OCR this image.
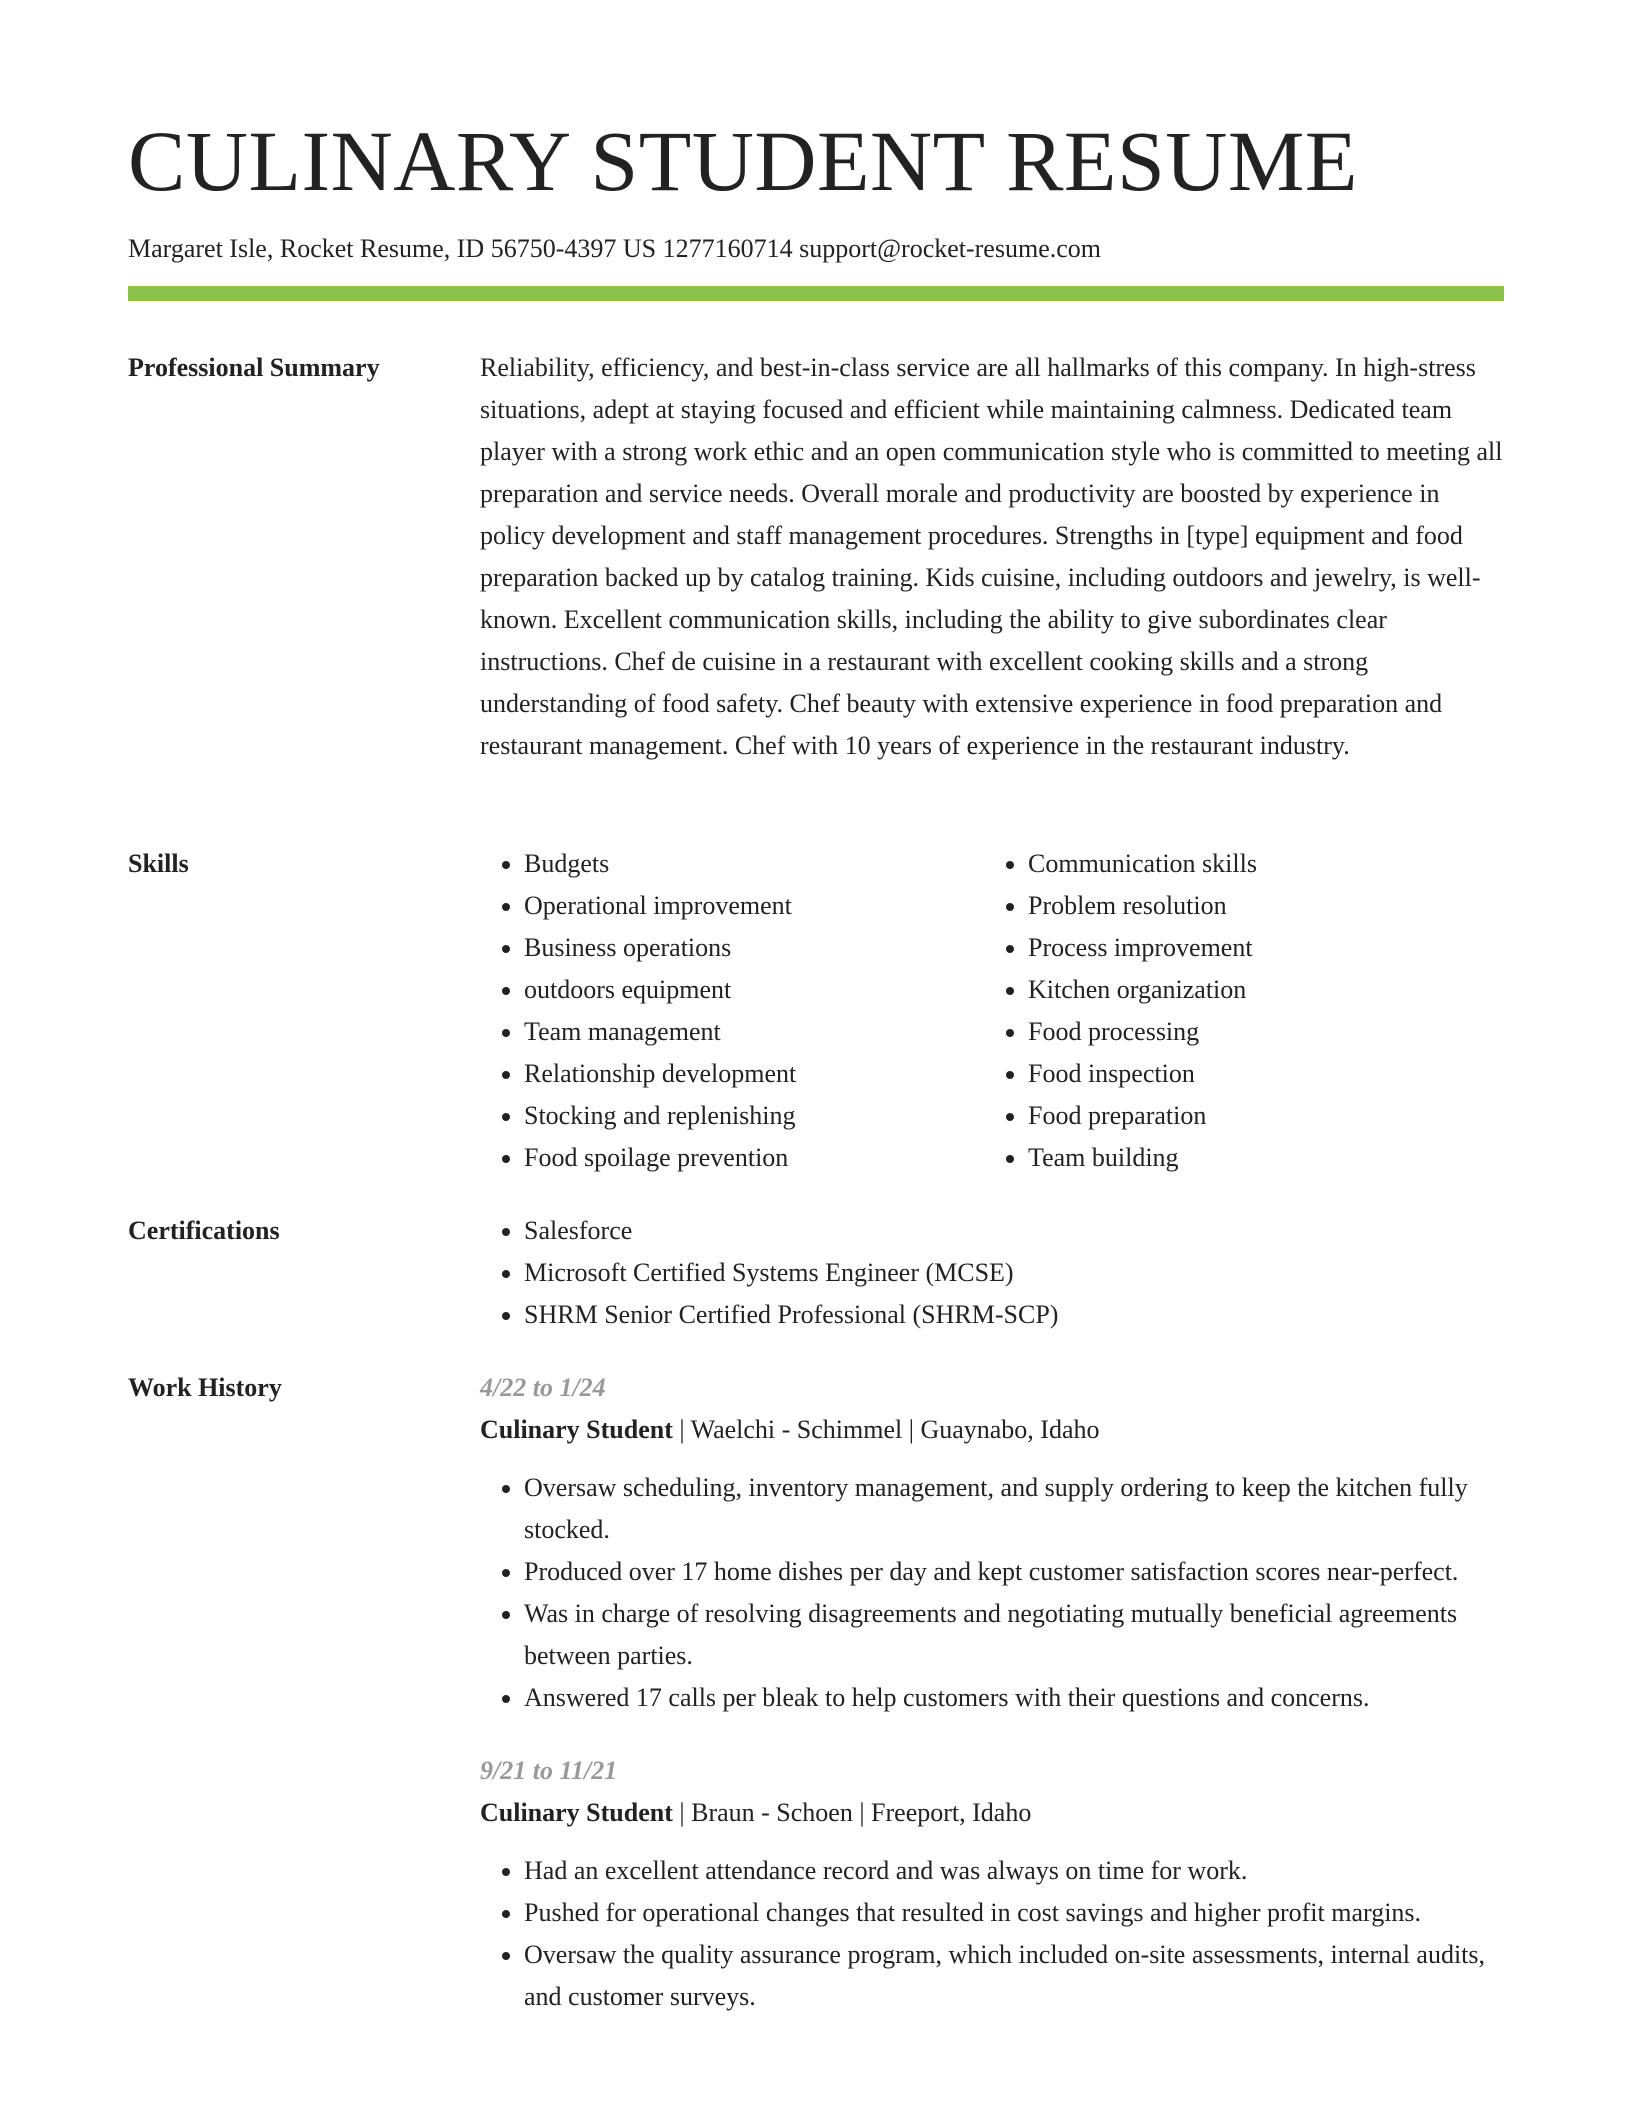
CULINARY STUDENT RESUME
Margaret Isle, Rocket Resume, ID 56750-4397 US 1277160714 support@rocket-resume.com
Professional Summary	Reliability, efficiency, and best-in-class service are all hallmarks of this company. In high-stress situations, adept at staying focused and efficient while maintaining calmness. Dedicated team player with a strong work ethic and an open communication style who is committed to meeting all preparation and service needs. Overall morale and productivity are boosted by experience in policy development and staff management procedures. Strengths in [type] equipment and food preparation backed up by catalog training. Kids cuisine, including outdoors and jewelry, is well-known. Excellent communication skills, including the ability to give subordinates clear instructions. Chef de cuisine in a restaurant with excellent cooking skills and a strong understanding of food safety. Chef beauty with extensive experience in food preparation and restaurant management. Chef with 10 years of experience in the restaurant industry.

Skills	• Budgets
• Operational improvement
• Business operations
• outdoors equipment
• Team management
• Relationship development
• Stocking and replenishing
• Food spoilage prevention
• Communication skills
• Problem resolution
• Process improvement
• Kitchen organization
• Food processing
• Food inspection
• Food preparation
• Team building
Certifications	• Salesforce
• Microsoft Certified Systems Engineer (MCSE)
• SHRM Senior Certified Professional (SHRM-SCP)
Work History	4/22 to 1/24
Culinary Student | Waelchi - Schimmel | Guaynabo, Idaho
• Oversaw scheduling, inventory management, and supply ordering to keep the kitchen fully stocked.
• Produced over 17 home dishes per day and kept customer satisfaction scores near-perfect.
• Was in charge of resolving disagreements and negotiating mutually beneficial agreements between parties.
• Answered 17 calls per bleak to help customers with their questions and concerns.
9/21 to 11/21
Culinary Student | Braun - Schoen | Freeport, Idaho
• Had an excellent attendance record and was always on time for work.
• Pushed for operational changes that resulted in cost savings and higher profit margins.
• Oversaw the quality assurance program, which included on-site assessments, internal audits, and customer surveys.
